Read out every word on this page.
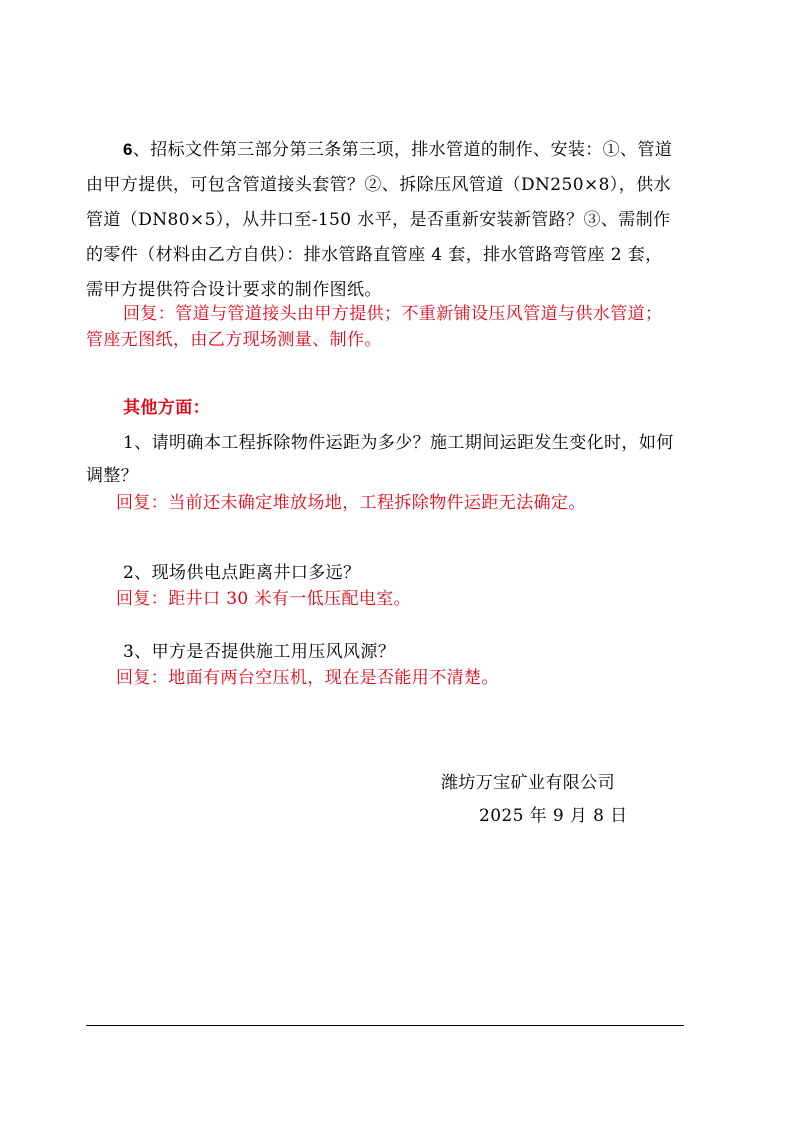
6、招标文件第三部分第三条第三项，排水管道的制作、安装：①、管道
由甲方提供，可包含管道接头套管？②、拆除压风管道（DN250×8），供水
管道（DN80×5），从井口至-150 水平，是否重新安装新管路？③、需制作
的零件（材料由乙方自供）：排水管路直管座 4 套，排水管路弯管座 2 套，
需甲方提供符合设计要求的制作图纸。
回复：管道与管道接头由甲方提供；不重新铺设压风管道与供水管道；
管座无图纸，由乙方现场测量、制作。
其他方面：
1、请明确本工程拆除物件运距为多少？施工期间运距发生变化时，如何
调整？
回复：当前还未确定堆放场地，工程拆除物件运距无法确定。
2、现场供电点距离井口多远？
回复：距井口 30 米有一低压配电室。
3、甲方是否提供施工用压风风源？
回复：地面有两台空压机，现在是否能用不清楚。
潍坊万宝矿业有限公司
2025 年 9 月 8 日
